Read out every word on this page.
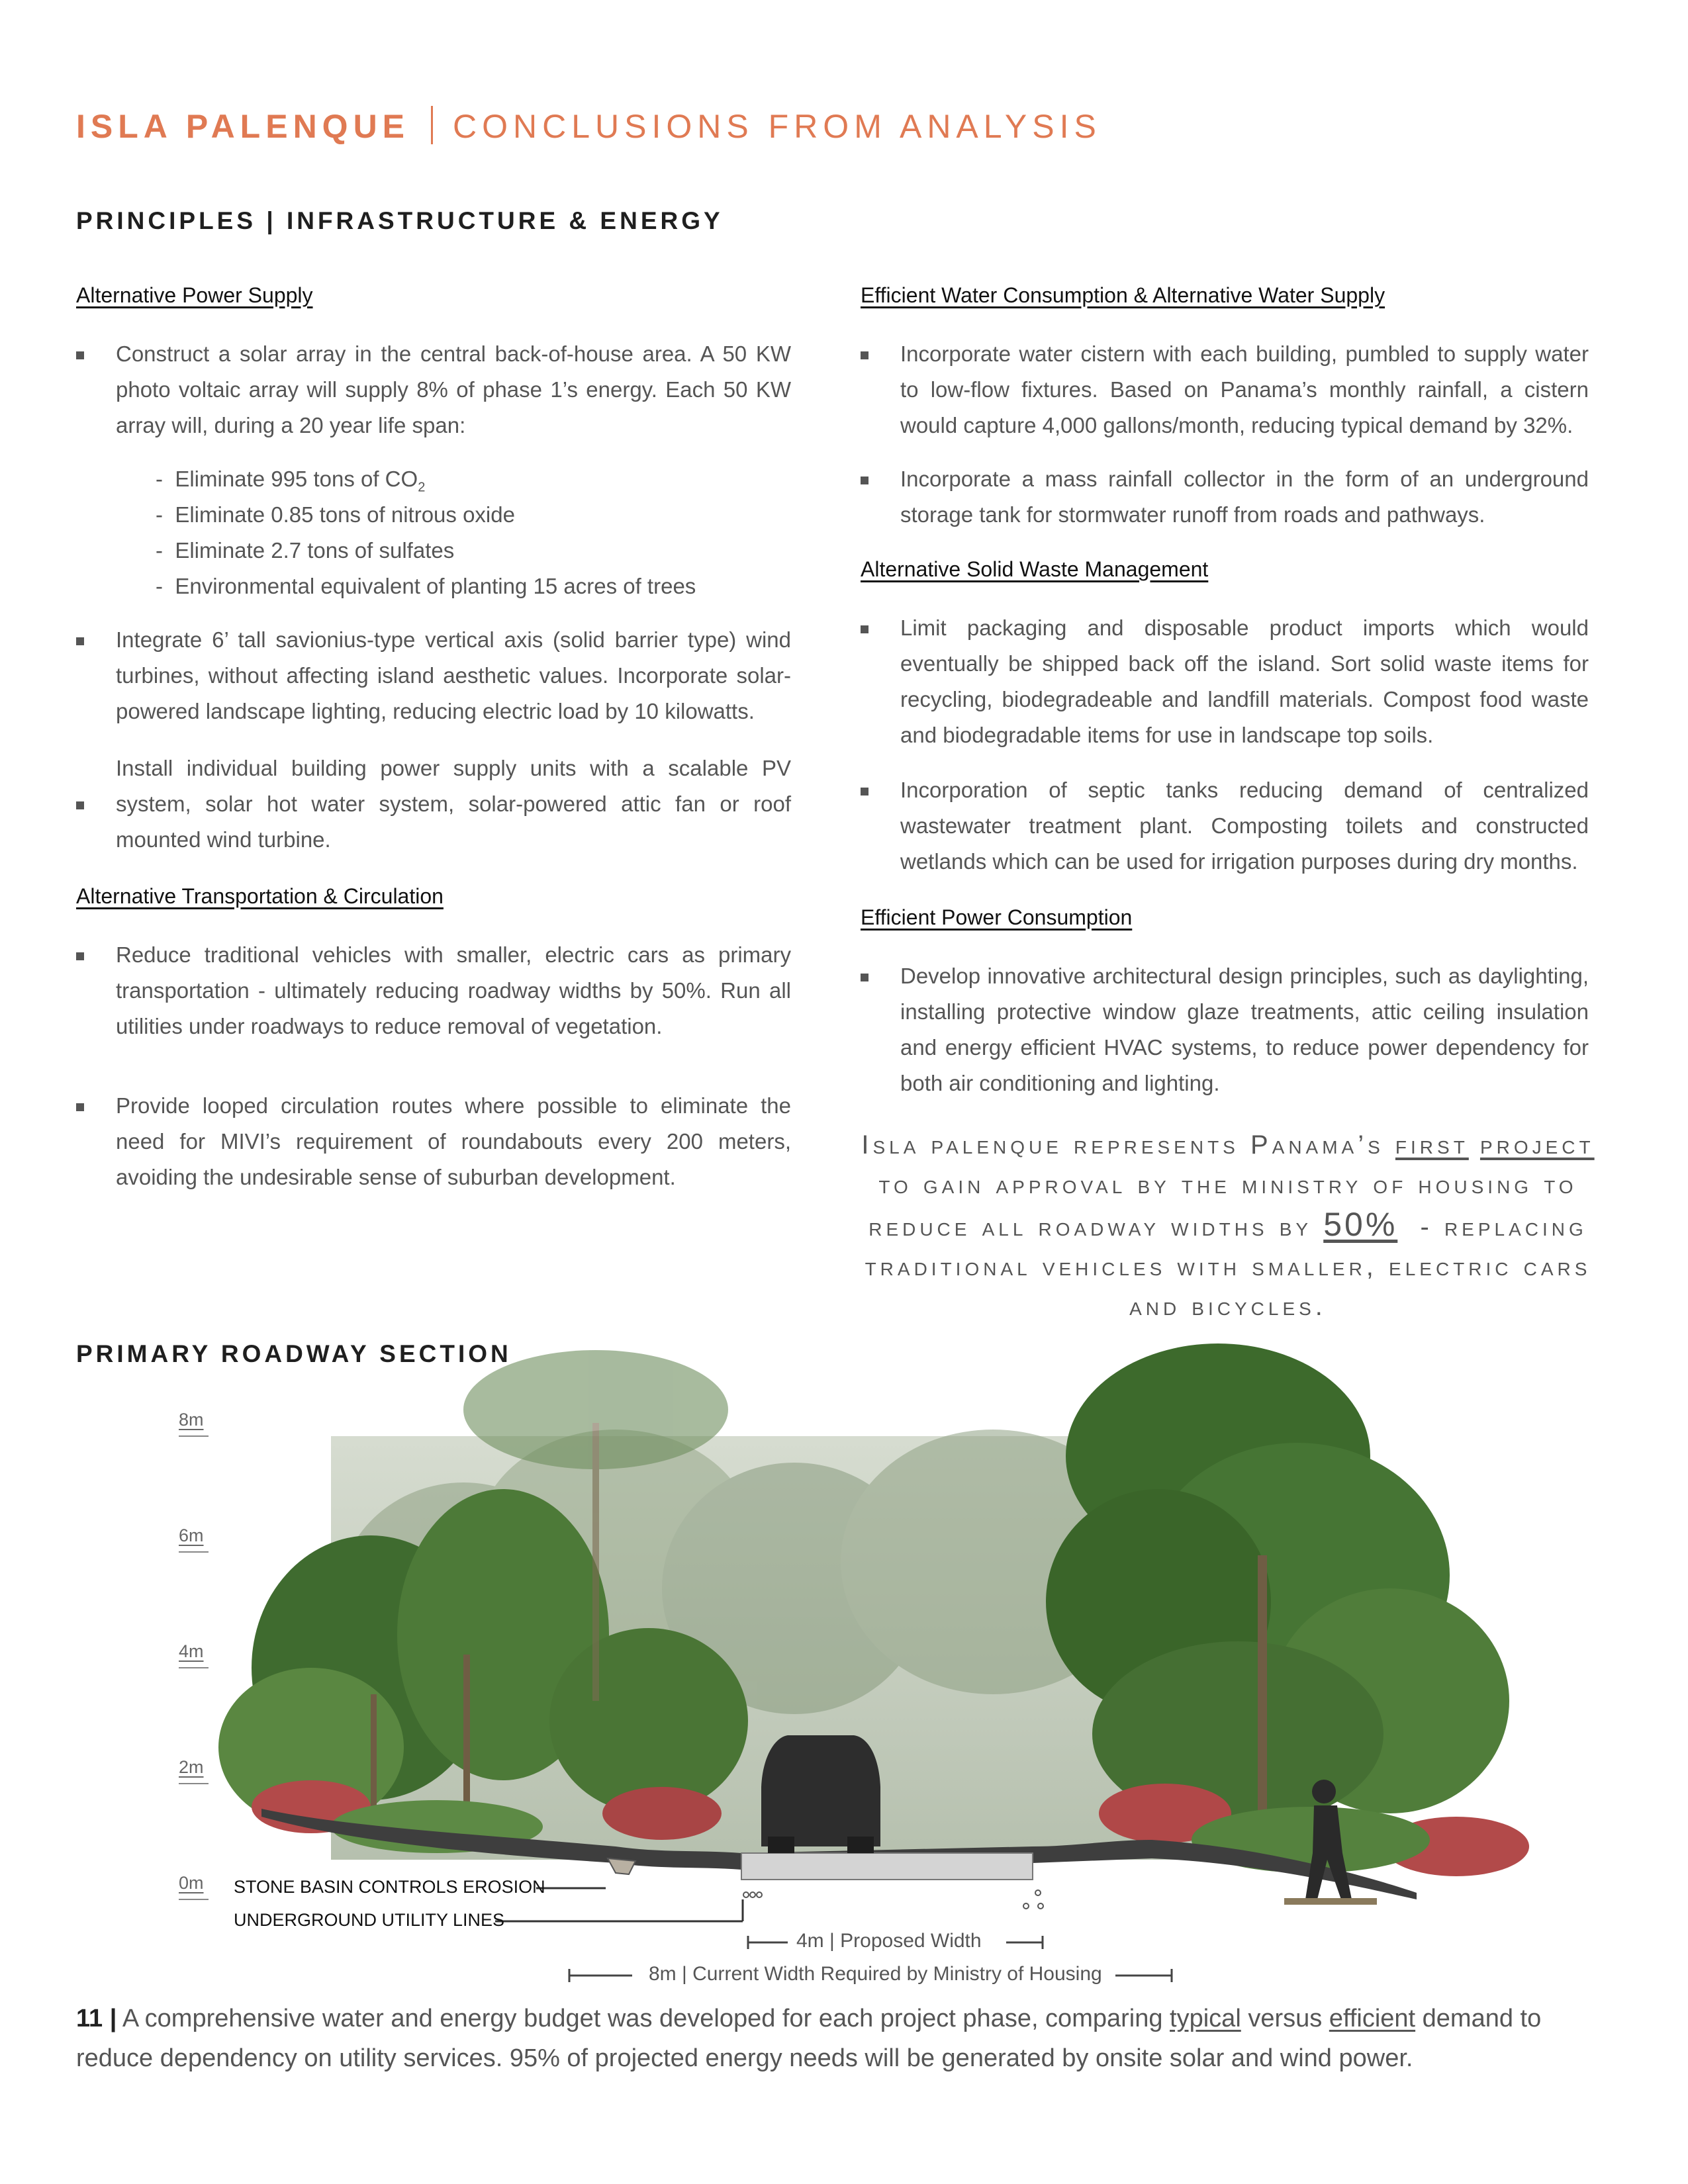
ISLA PALENQUE CONCLUSIONS FROM ANALYSIS
PRINCIPLES | INFRASTRUCTURE & ENERGY
Alternative Power Supply
Construct a solar array in the central back-of-house area. A 50 KW photo voltaic array will supply 8% of phase 1’s energy. Each 50 KW array will, during a 20 year life span:
-  Eliminate 995 tons of $CO_2$
-  Eliminate 0.85 tons of nitrous oxide
-  Eliminate 2.7 tons of sulfates
-  Environmental equivalent of planting 15 acres of trees
Integrate 6’ tall savionius-type vertical axis (solid barrier type) wind turbines, without affecting island aesthetic values. Incorporate solar-powered landscape lighting, reducing electric load by 10 kilowatts.
Install individual building power supply units with a scalable PV system, solar hot water system, solar-powered attic fan or roof mounted wind turbine.
Alternative Transportation & Circulation
Reduce traditional vehicles with smaller, electric cars as primary transportation - ultimately reducing roadway widths by 50%. Run all utilities under roadways to reduce removal of vegetation.
Provide looped circulation routes where possible to eliminate the need for MIVI’s requirement of roundabouts every 200 meters, avoiding the undesirable sense of suburban development.
Efficient Water Consumption & Alternative Water Supply
Incorporate water cistern with each building, pumbled to supply water to low-flow fixtures. Based on Panama’s monthly rainfall, a cistern would capture 4,000 gallons/month, reducing typical demand by 32%.
Incorporate a mass rainfall collector in the form of an underground storage tank for stormwater runoff from roads and pathways.
Alternative Solid Waste Management
Limit packaging and disposable product imports which would eventually be shipped back off the island. Sort solid waste items for recycling, biodegradeable and landfill materials. Compost food waste and biodegradable items for use in landscape top soils.
Incorporation of septic tanks reducing demand of centralized wastewater treatment plant. Composting toilets and constructed wetlands which can be used for irrigation purposes during dry months.
Efficient Power Consumption
Develop innovative architectural design principles, such as daylighting, installing protective window glaze treatments, attic ceiling insulation and energy efficient HVAC systems, to reduce power dependency for both air conditioning and lighting.
Isla palenque represents Panama’s first project to gain approval by the ministry of housing to reduce all roadway widths by 50% - replacing traditional vehicles with smaller, electric cars and bicycles.
PRIMARY ROADWAY SECTION
8m
6m
4m
2m
0m STONE BASIN CONTROLS EROSION
UNDERGROUND UTILITY LINES
4m | Proposed Width
8m | Current Width Required by Ministry of Housing
11 | A comprehensive water and energy budget was developed for each project phase, comparing typical versus efficient demand to reduce dependency on utility services. 95% of projected energy needs will be generated by onsite solar and wind power.
